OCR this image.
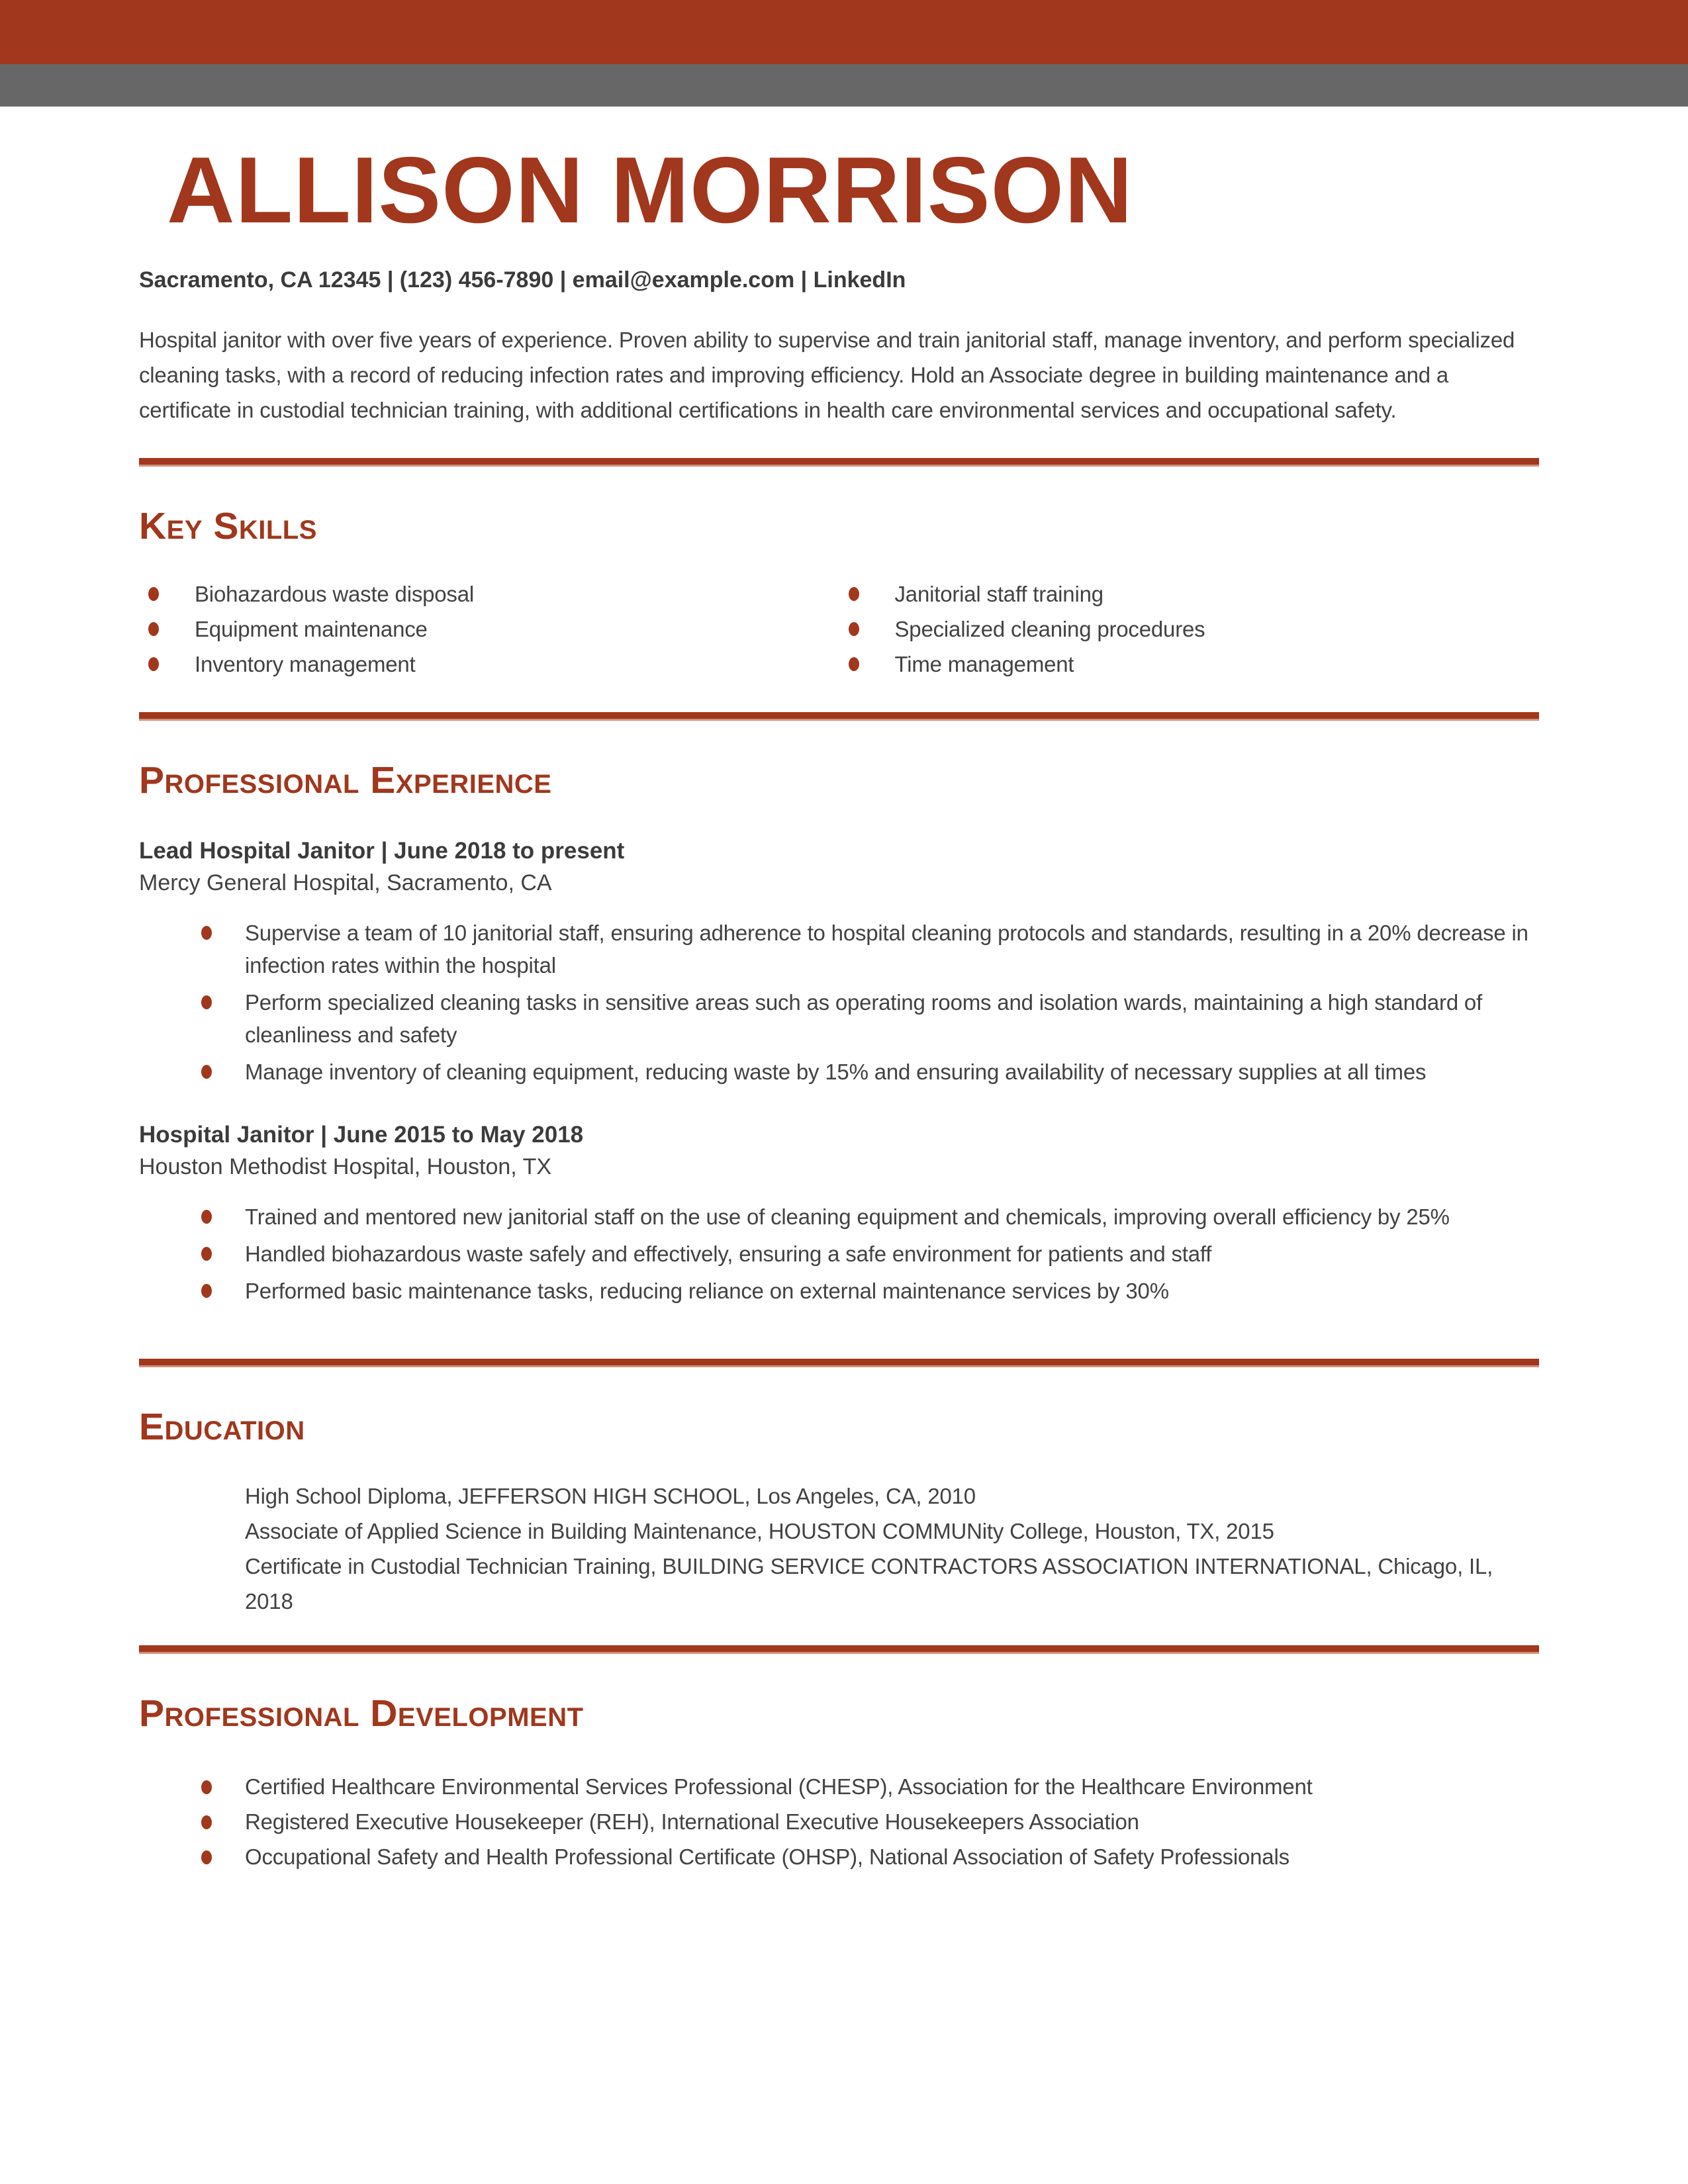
ALLISON MORRISON

Sacramento, CA 12345 | (123) 456-7890 | email@example.com | LinkedIn

Hospital janitor with over five years of experience. Proven ability to supervise and train janitorial staff, manage inventory, and perform specialized cleaning tasks, with a record of reducing infection rates and improving efficiency. Hold an Associate degree in building maintenance and a certificate in custodial technician training, with additional certifications in health care environmental services and occupational safety.

Key Skills
Biohazardous waste disposal
Equipment maintenance
Inventory management
Janitorial staff training
Specialized cleaning procedures
Time management
Professional Experience

Lead Hospital Janitor | June 2018 to present

Mercy General Hospital, Sacramento, CA

Supervise a team of 10 janitorial staff, ensuring adherence to hospital cleaning protocols and standards, resulting in a 20% decrease in infection rates within the hospital
Perform specialized cleaning tasks in sensitive areas such as operating rooms and isolation wards, maintaining a high standard of cleanliness and safety
Manage inventory of cleaning equipment, reducing waste by 15% and ensuring availability of necessary supplies at all times

Hospital Janitor | June 2015 to May 2018

Houston Methodist Hospital, Houston, TX

Trained and mentored new janitorial staff on the use of cleaning equipment and chemicals, improving overall efficiency by 25%
Handled biohazardous waste safely and effectively, ensuring a safe environment for patients and staff
Performed basic maintenance tasks, reducing reliance on external maintenance services by 30%
Education
High School Diploma, JEFFERSON HIGH SCHOOL, Los Angeles, CA, 2010
Associate of Applied Science in Building Maintenance, HOUSTON COMMUNity College, Houston, TX, 2015
Certificate in Custodial Technician Training, BUILDING SERVICE CONTRACTORS ASSOCIATION INTERNATIONAL, Chicago, IL, 2018
Professional Development
Certified Healthcare Environmental Services Professional (CHESP), Association for the Healthcare Environment
Registered Executive Housekeeper (REH), International Executive Housekeepers Association
Occupational Safety and Health Professional Certificate (OHSP), National Association of Safety Professionals
